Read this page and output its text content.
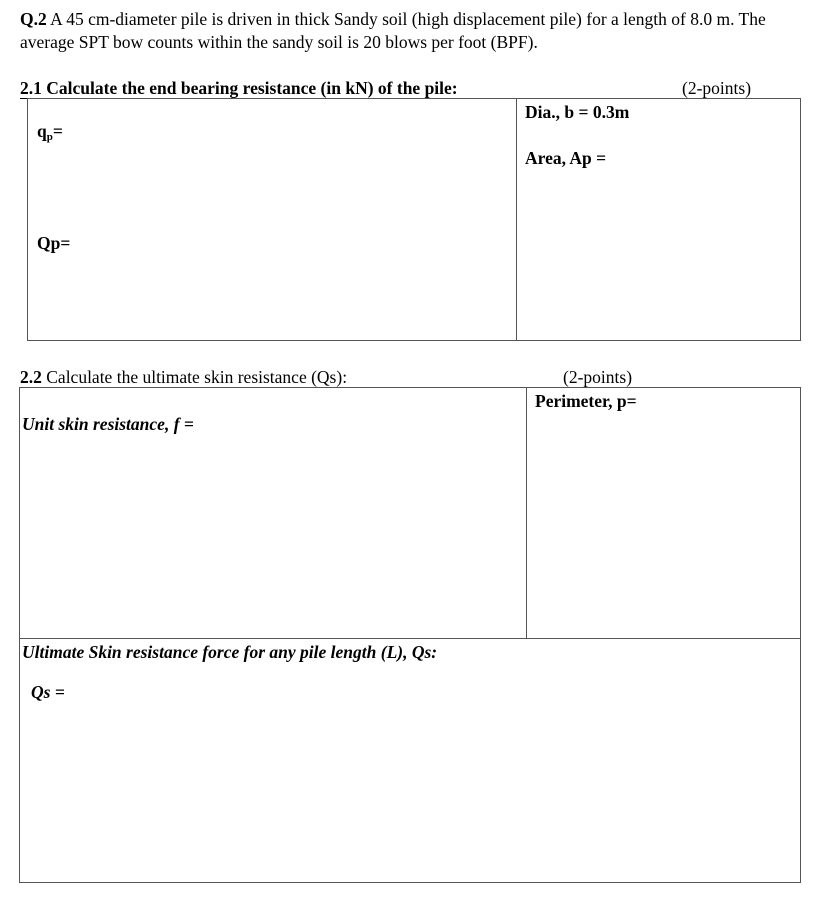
Q.2 A 45 cm-diameter pile is driven in thick Sandy soil (high displacement pile) for a length of 8.0 m. The average SPT bow counts within the sandy soil is 20 blows per foot (BPF).
2.1 Calculate the end bearing resistance (in kN) of the pile:	(2-points)
$q_p=$
Qp=
Dia., b = 0.3m
Area, Ap =
2.2 Calculate the ultimate skin resistance (Qs):	(2-points)
Perimeter, p=
Unit skin resistance, f =
Ultimate Skin resistance force for any pile length (L), Qs:
Qs =
